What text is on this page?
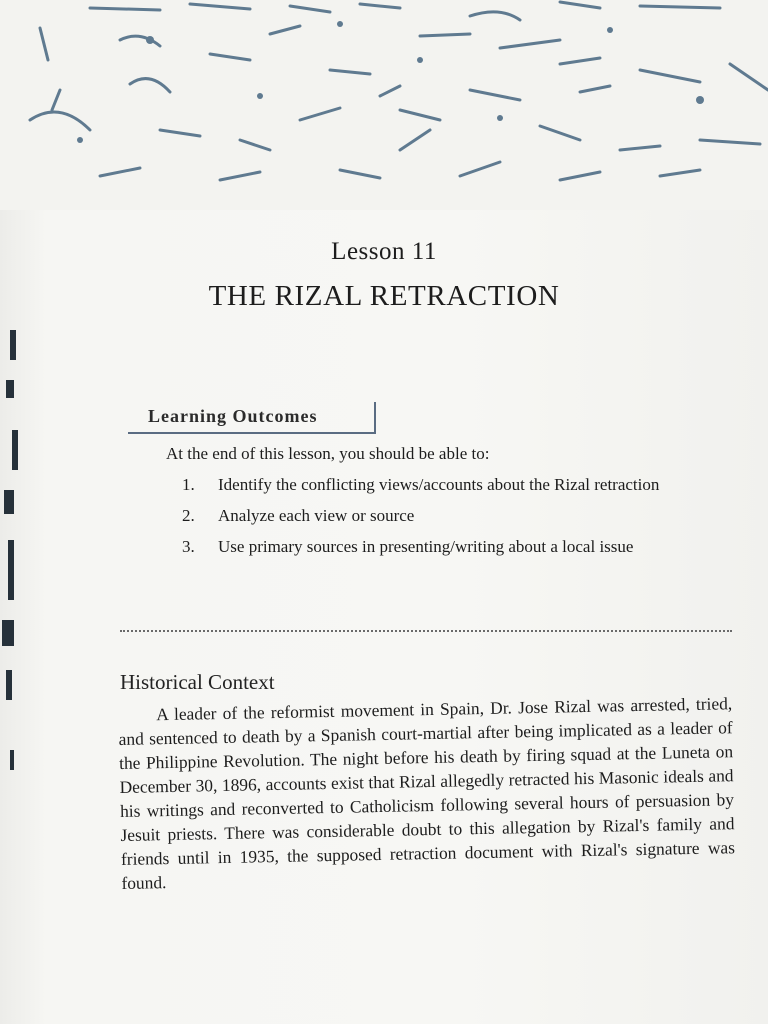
Lesson 11
THE RIZAL RETRACTION
Learning Outcomes
At the end of this lesson, you should be able to:
1. Identify the conflicting views/accounts about the Rizal retraction
2. Analyze each view or source
3. Use primary sources in presenting/writing about a local issue
Historical Context

A leader of the reformist movement in Spain, Dr. Jose Rizal was arrested, tried, and sentenced to death by a Spanish court-martial after being implicated as a leader of the Philippine Revolution. The night before his death by firing squad at the Luneta on December 30, 1896, accounts exist that Rizal allegedly retracted his Masonic ideals and his writings and reconverted to Catholicism following several hours of persuasion by Jesuit priests. There was considerable doubt to this allegation by Rizal's family and friends until in 1935, the supposed retraction document with Rizal's signature was found.
